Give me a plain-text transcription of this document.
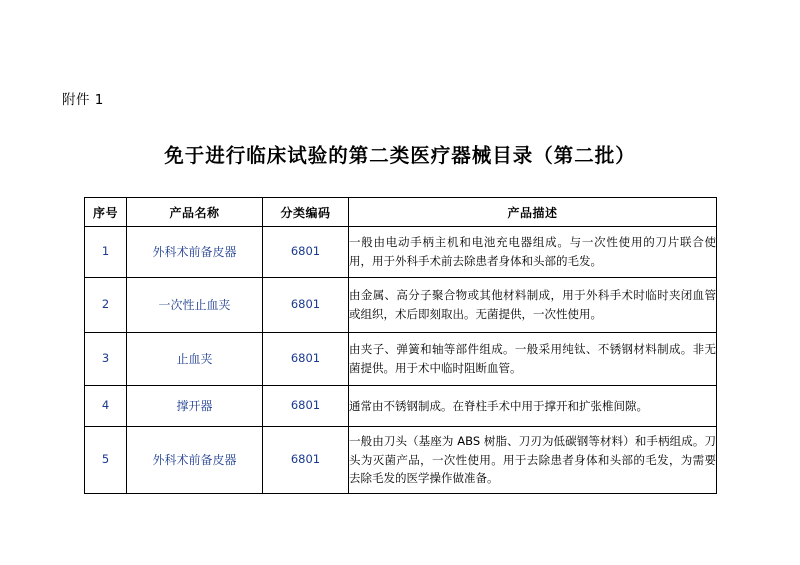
附件 1
免于进行临床试验的第二类医疗器械目录（第二批）
序号	产品名称	分类编码	产品描述
1	外科术前备皮器	6801	一般由电动手柄主机和电池充电器组成。与一次性使用的刀片联合使用，用于外科手术前去除患者身体和头部的毛发。
2	一次性止血夹	6801	由金属、高分子聚合物或其他材料制成，用于外科手术时临时夹闭血管或组织，术后即刻取出。无菌提供，一次性使用。
3	止血夹	6801	由夹子、弹簧和轴等部件组成。一般采用纯钛、不锈钢材料制成。非无菌提供。用于术中临时阻断血管。
4	撑开器	6801	通常由不锈钢制成。在脊柱手术中用于撑开和扩张椎间隙。
5	外科术前备皮器	6801	一般由刀头（基座为 ABS 树脂、刀刃为低碳钢等材料）和手柄组成。刀头为灭菌产品，一次性使用。用于去除患者身体和头部的毛发，为需要去除毛发的医学操作做准备。
